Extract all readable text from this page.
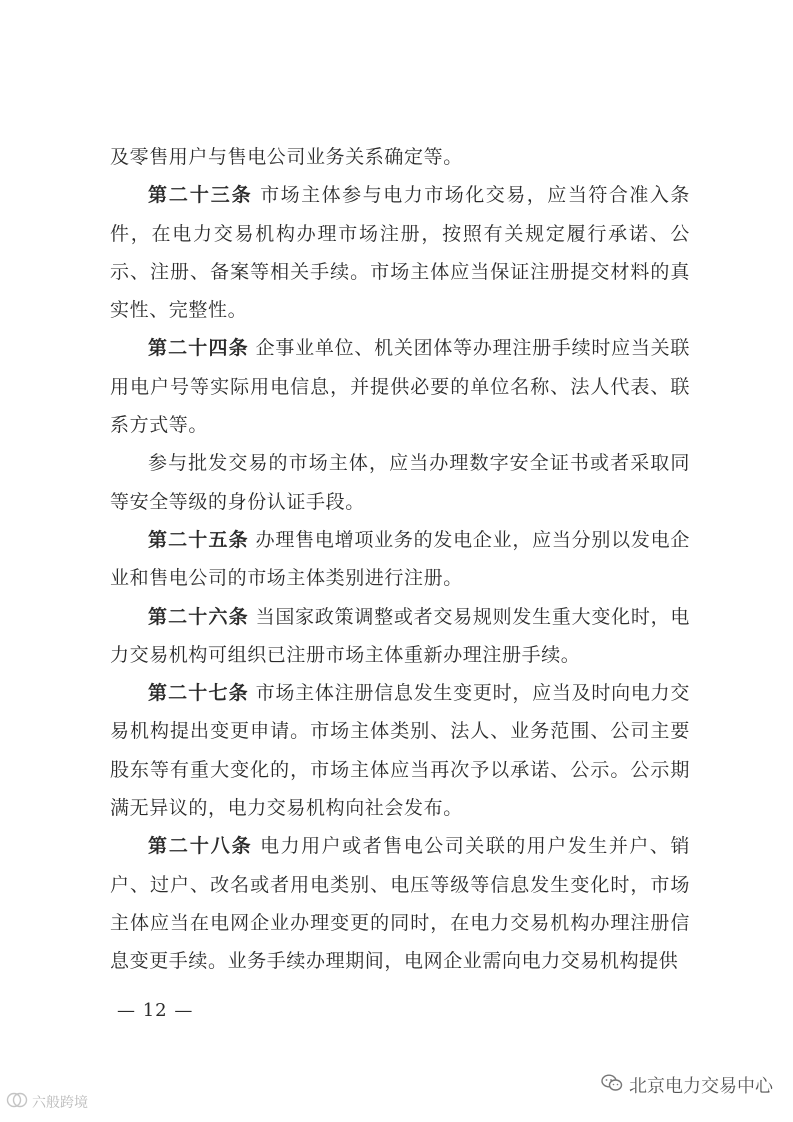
及零售用户与售电公司业务关系确定等。

第二十三条 市场主体参与电力市场化交易，应当符合准入条件，在电力交易机构办理市场注册，按照有关规定履行承诺、公示、注册、备案等相关手续。市场主体应当保证注册提交材料的真实性、完整性。

第二十四条 企事业单位、机关团体等办理注册手续时应当关联用电户号等实际用电信息，并提供必要的单位名称、法人代表、联系方式等。

参与批发交易的市场主体，应当办理数字安全证书或者采取同等安全等级的身份认证手段。

第二十五条 办理售电增项业务的发电企业，应当分别以发电企业和售电公司的市场主体类别进行注册。

第二十六条 当国家政策调整或者交易规则发生重大变化时，电力交易机构可组织已注册市场主体重新办理注册手续。

第二十七条 市场主体注册信息发生变更时，应当及时向电力交易机构提出变更申请。市场主体类别、法人、业务范围、公司主要股东等有重大变化的，市场主体应当再次予以承诺、公示。公示期满无异议的，电力交易机构向社会发布。

第二十八条 电力用户或者售电公司关联的用户发生并户、销户、过户、改名或者用电类别、电压等级等信息发生变化时，市场主体应当在电网企业办理变更的同时，在电力交易机构办理注册信息变更手续。业务手续办理期间，电网企业需向电力交易机构提供

— 12 —
北京电力交易中心
六般跨境
